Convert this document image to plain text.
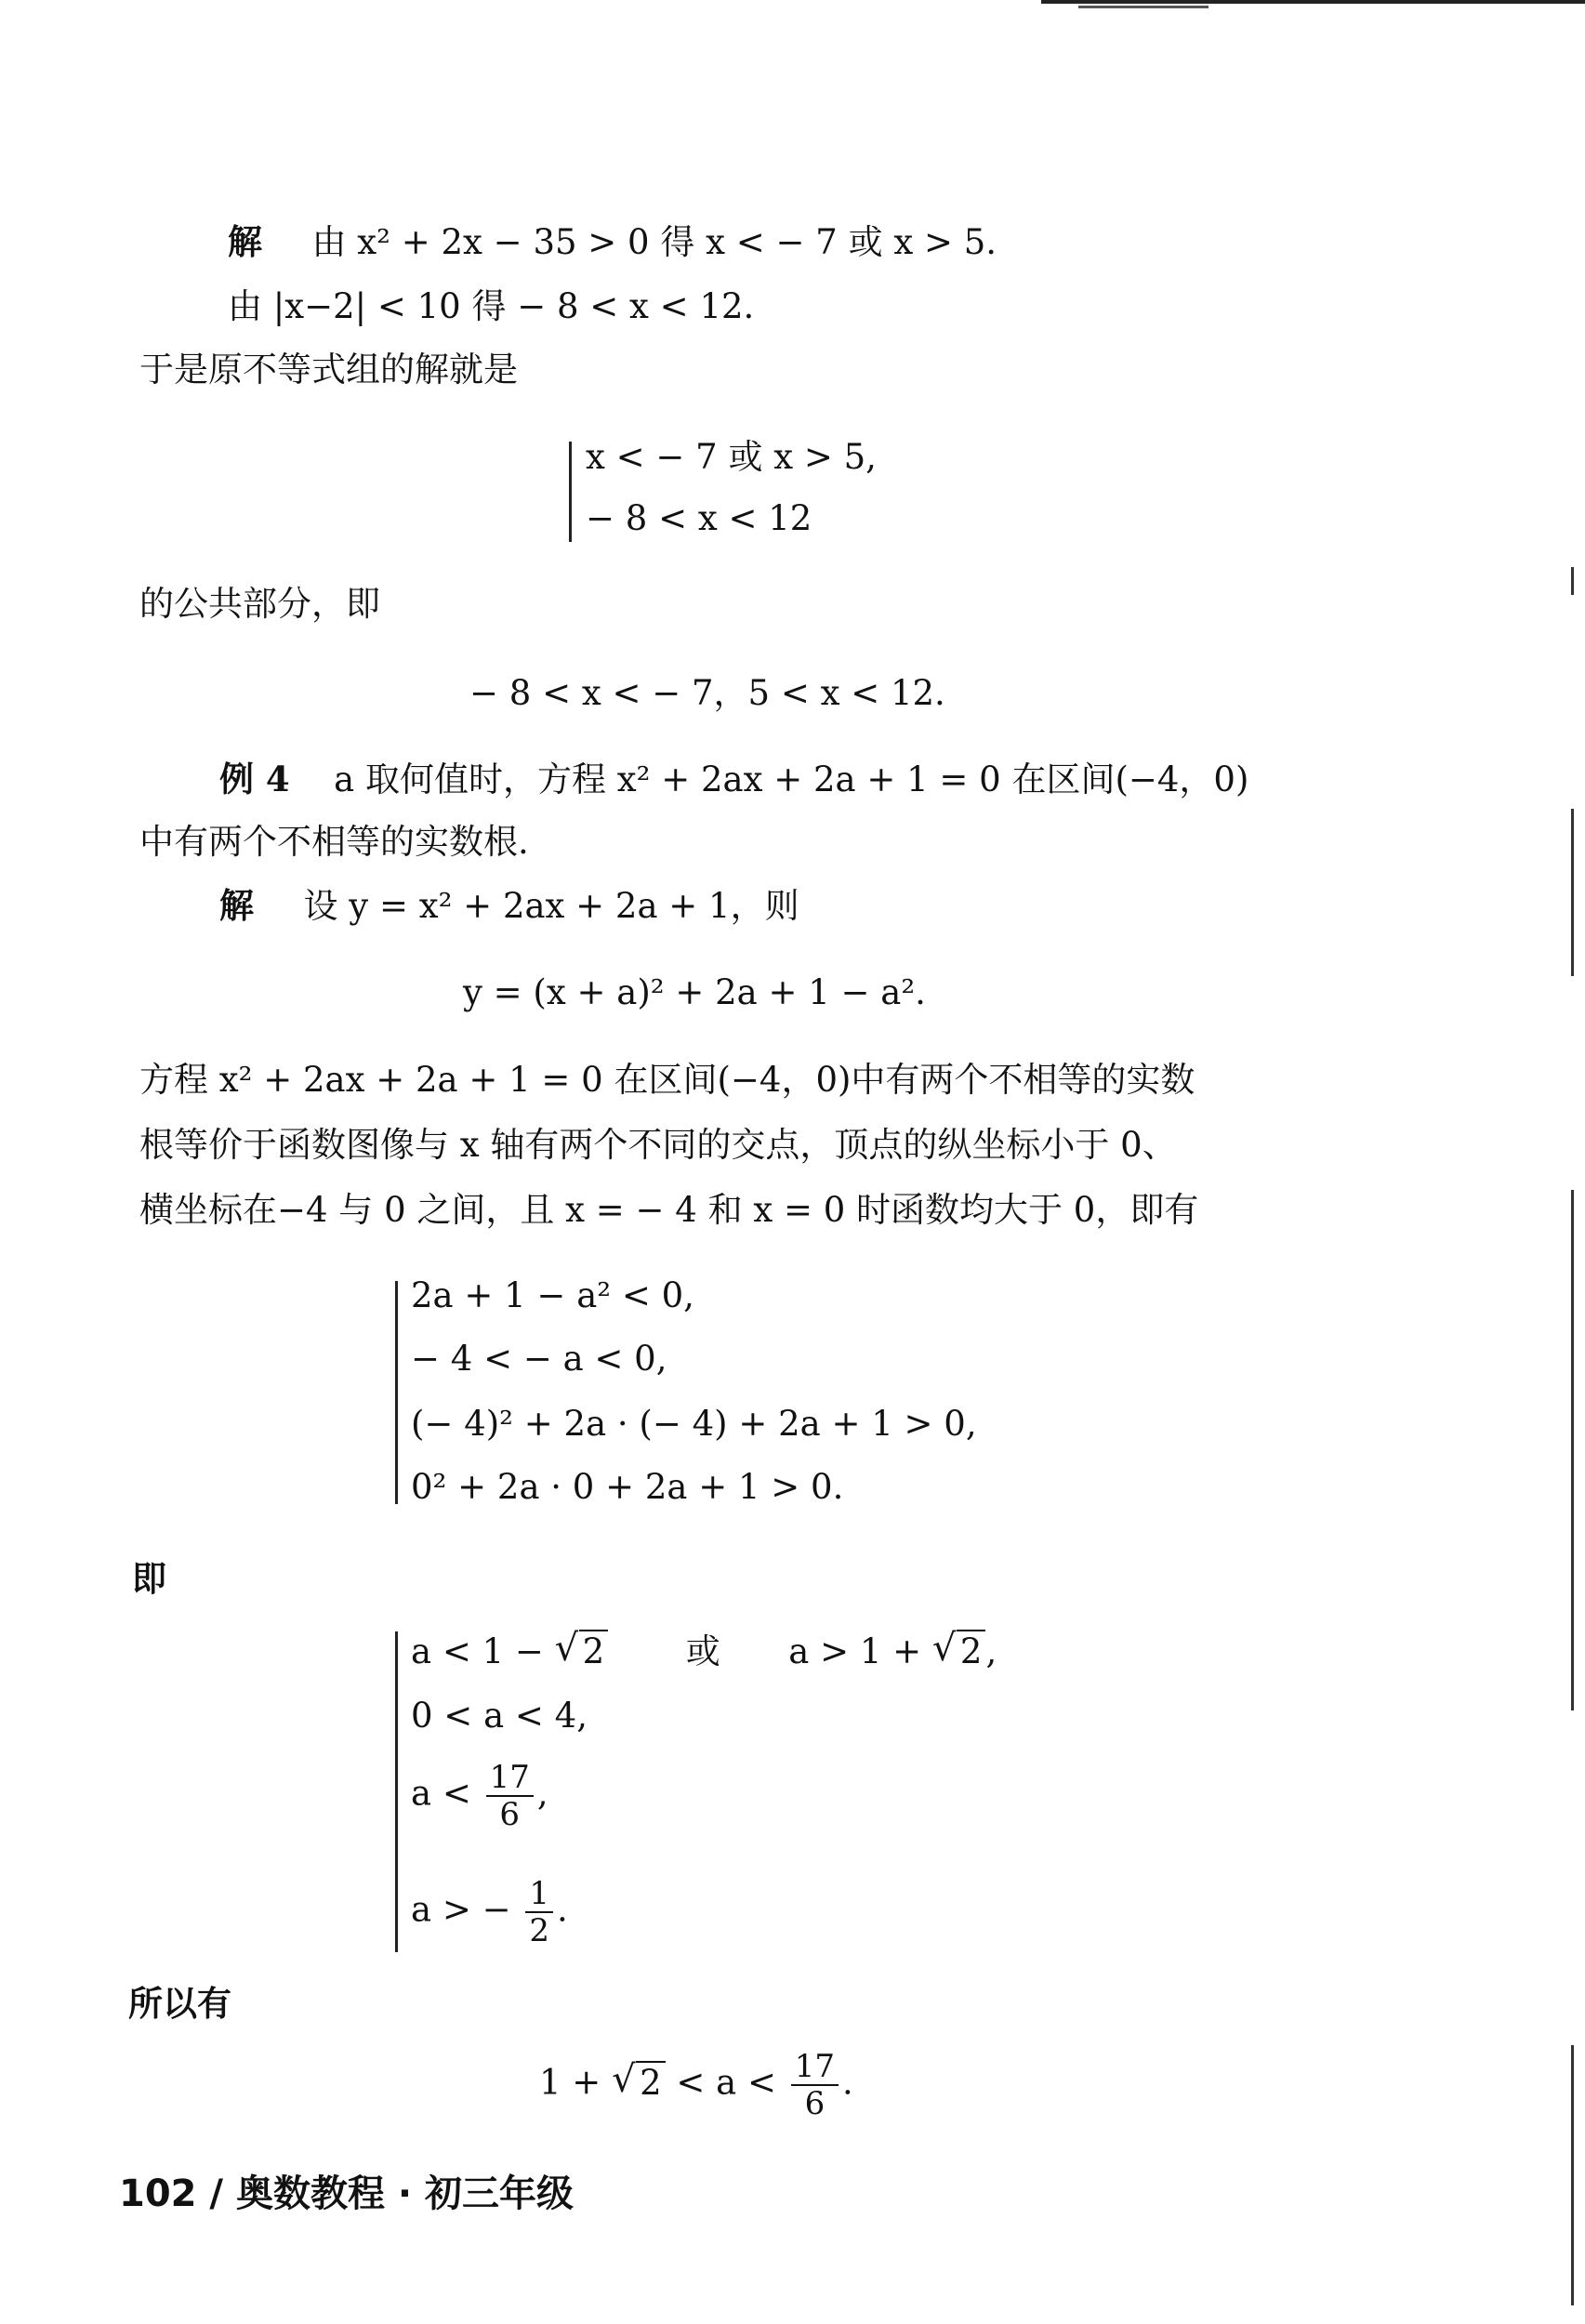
解 由 x² + 2x − 35 > 0 得 x < − 7 或 x > 5.
由 |x−2| < 10 得 − 8 < x < 12.
于是原不等式组的解就是
x < − 7 或 x > 5,
− 8 < x < 12
的公共部分，即
− 8 < x < − 7，5 < x < 12.
例 4 a 取何值时，方程 x² + 2ax + 2a + 1 = 0 在区间(−4，0)
中有两个不相等的实数根.
解 设 y = x² + 2ax + 2a + 1，则
y = (x + a)² + 2a + 1 − a².
方程 x² + 2ax + 2a + 1 = 0 在区间(−4，0)中有两个不相等的实数
根等价于函数图像与 x 轴有两个不同的交点，顶点的纵坐标小于 0、
横坐标在−4 与 0 之间，且 x = − 4 和 x = 0 时函数均大于 0，即有
2a + 1 − a² < 0,
− 4 < − a < 0,
(− 4)² + 2a · (− 4) + 2a + 1 > 0,
0² + 2a · 0 + 2a + 1 > 0.
即
a < 1 − √ 2 或 a > 1 + √ 2 ,
0 < a < 4,
$a < \frac{17}{6}$ ,
a > − $\frac{1}{2}$ .
所以有
1 + √ $2 < a < \frac{17}{6}$ .
102 / 奥数教程 · 初三年级
